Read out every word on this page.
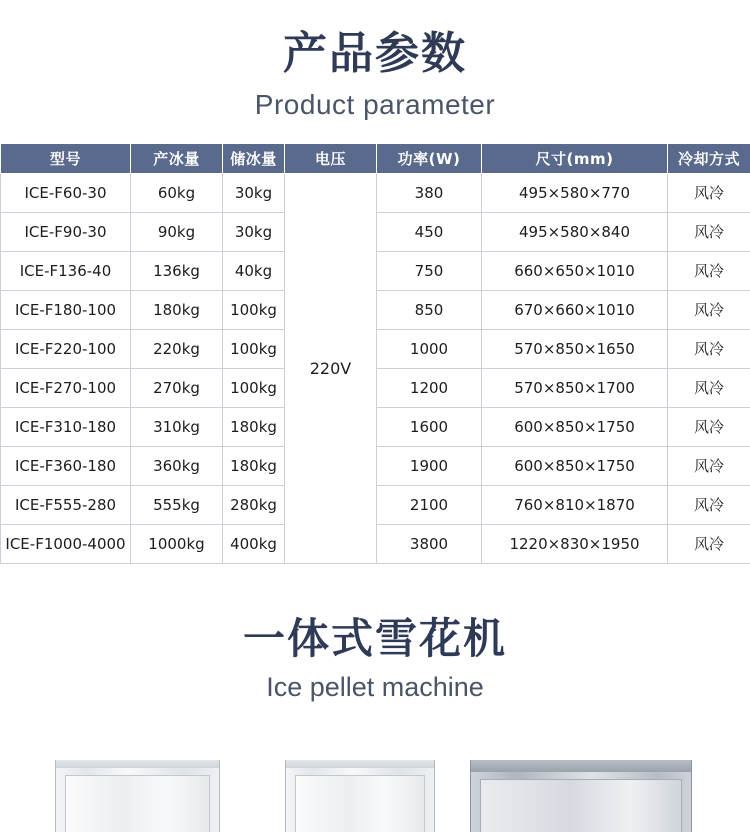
产品参数
Product parameter
型号	产冰量	储冰量	电压	功率(W)	尺寸(mm)	冷却方式
ICE-F60-30	60kg	30kg	220V	380	495×580×770	风冷
ICE-F90-30	90kg	30kg		450	495×580×840	风冷
ICE-F136-40	136kg	40kg		750	660×650×1010	风冷
ICE-F180-100	180kg	100kg		850	670×660×1010	风冷
ICE-F220-100	220kg	100kg		1000	570×850×1650	风冷
ICE-F270-100	270kg	100kg		1200	570×850×1700	风冷
ICE-F310-180	310kg	180kg		1600	600×850×1750	风冷
ICE-F360-180	360kg	180kg		1900	600×850×1750	风冷
ICE-F555-280	555kg	280kg		2100	760×810×1870	风冷
ICE-F1000-4000	1000kg	400kg		3800	1220×830×1950	风冷
一体式雪花机
Ice pellet machine
